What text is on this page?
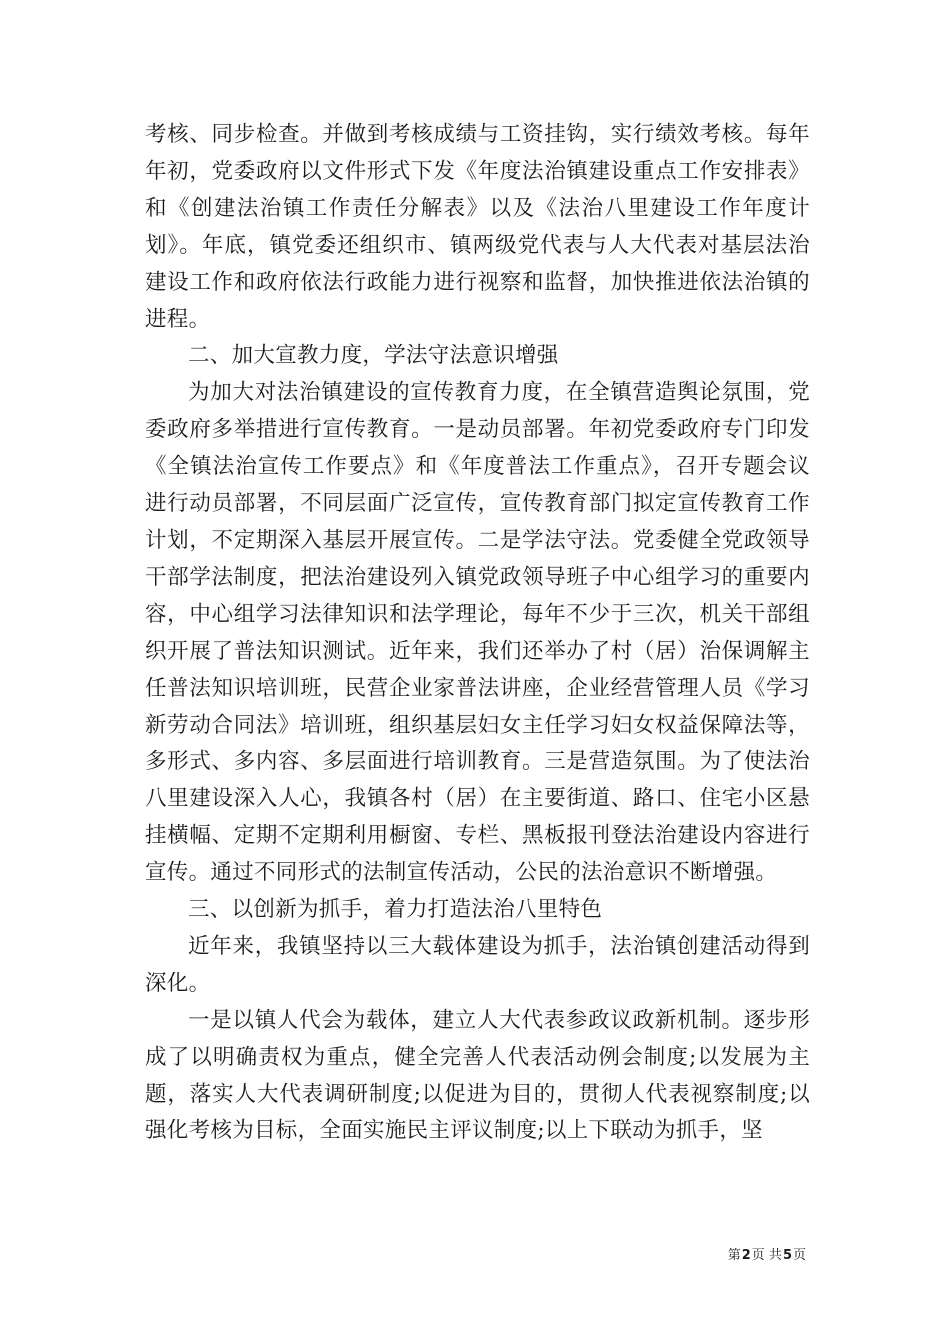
考核、同步检查。并做到考核成绩与工资挂钩，实行绩效考核。每年年初，党委政府以文件形式下发《年度法治镇建设重点工作安排表》和《创建法治镇工作责任分解表》以及《法治八里建设工作年度计划》。年底，镇党委还组织市、镇两级党代表与人大代表对基层法治建设工作和政府依法行政能力进行视察和监督，加快推进依法治镇的进程。

二、加大宣教力度，学法守法意识增强

为加大对法治镇建设的宣传教育力度，在全镇营造舆论氛围，党委政府多举措进行宣传教育。一是动员部署。年初党委政府专门印发《全镇法治宣传工作要点》和《年度普法工作重点》，召开专题会议进行动员部署，不同层面广泛宣传，宣传教育部门拟定宣传教育工作计划，不定期深入基层开展宣传。二是学法守法。党委健全党政领导干部学法制度，把法治建设列入镇党政领导班子中心组学习的重要内容，中心组学习法律知识和法学理论，每年不少于三次，机关干部组织开展了普法知识测试。近年来，我们还举办了村（居）治保调解主任普法知识培训班，民营企业家普法讲座，企业经营管理人员《学习新劳动合同法》培训班，组织基层妇女主任学习妇女权益保障法等，多形式、多内容、多层面进行培训教育。三是营造氛围。为了使法治八里建设深入人心，我镇各村（居）在主要街道、路口、住宅小区悬挂横幅、定期不定期利用橱窗、专栏、黑板报刊登法治建设内容进行宣传。通过不同形式的法制宣传活动，公民的法治意识不断增强。

三、以创新为抓手，着力打造法治八里特色

近年来，我镇坚持以三大载体建设为抓手，法治镇创建活动得到深化。

一是以镇人代会为载体，建立人大代表参政议政新机制。逐步形成了以明确责权为重点，健全完善人代表活动例会制度;以发展为主题，落实人大代表调研制度;以促进为目的，贯彻人代表视察制度;以强化考核为目标，全面实施民主评议制度;以上下联动为抓手，坚

第2页 共5页
